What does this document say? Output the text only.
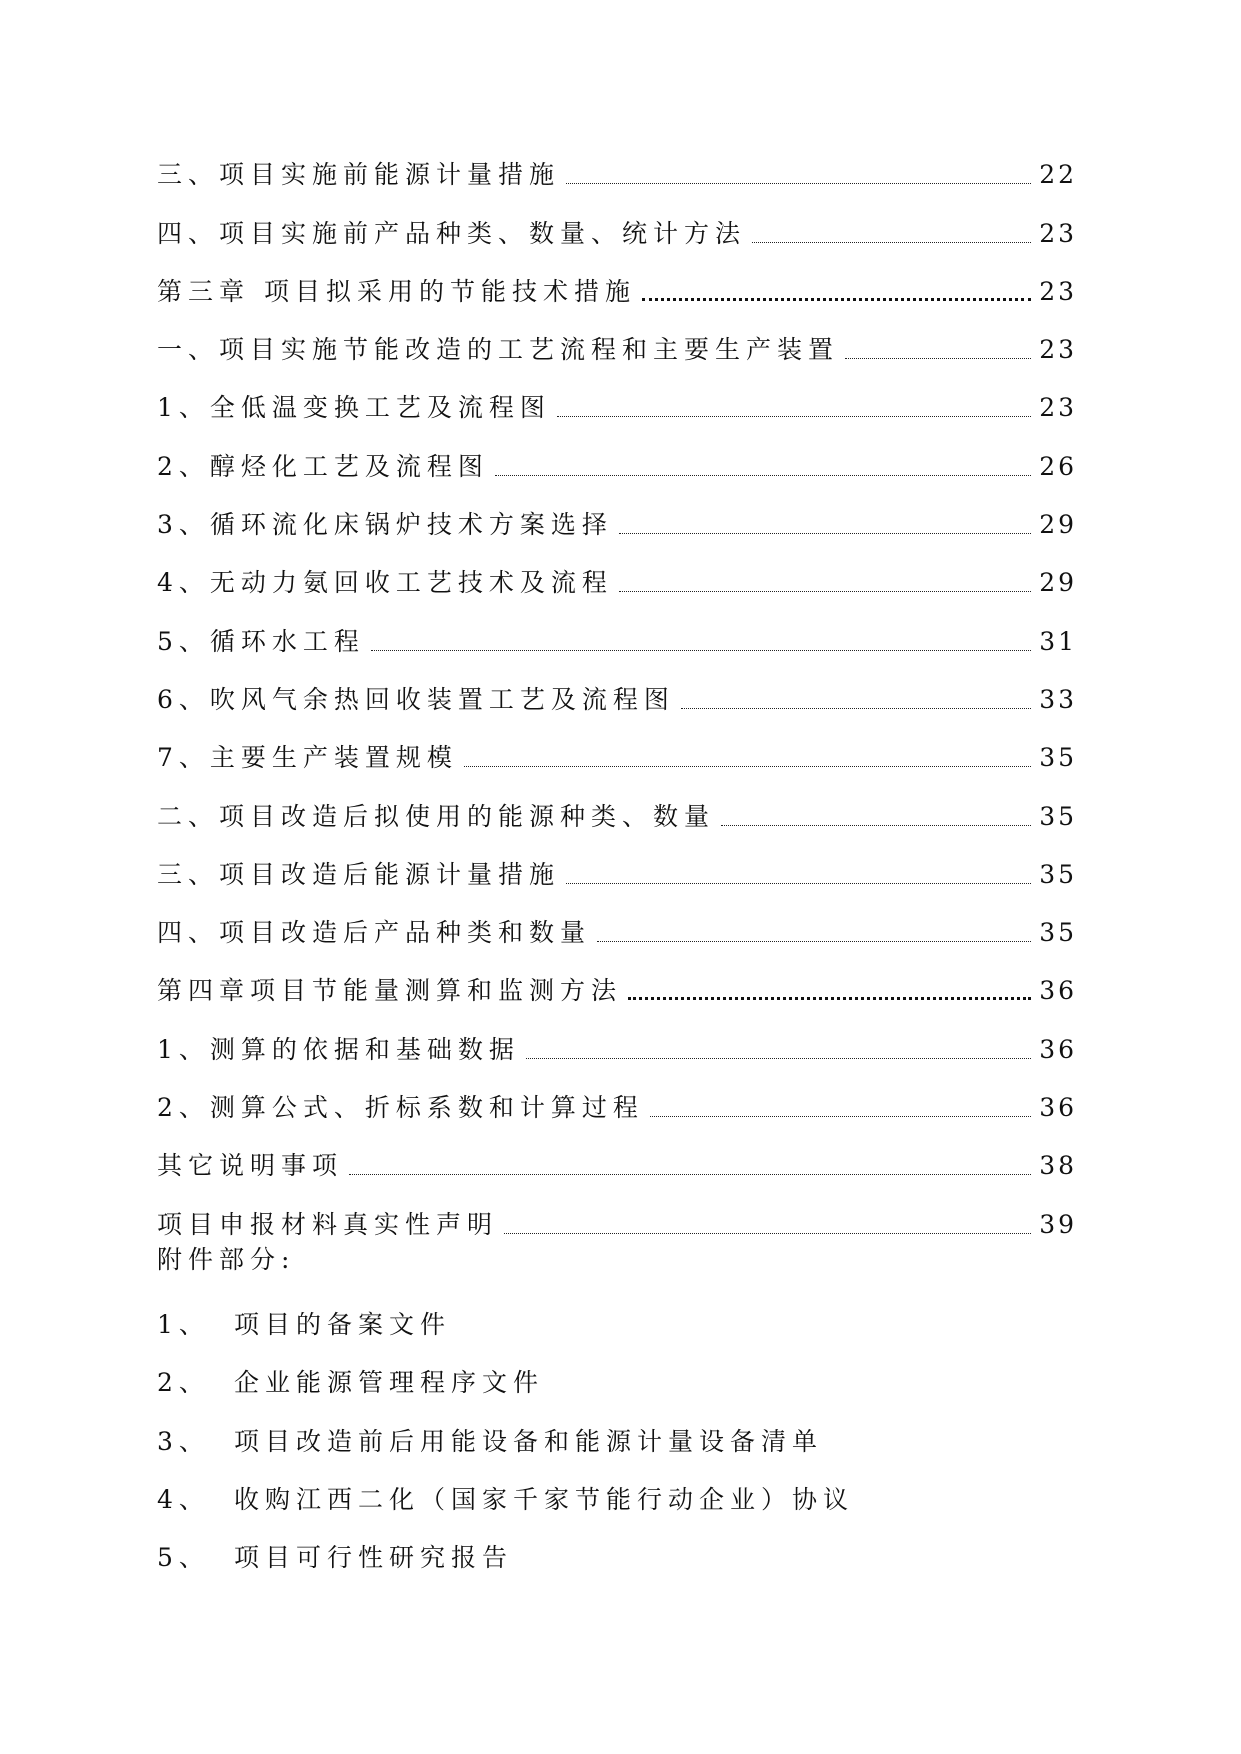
三、项目实施前能源计量措施	22
四、项目实施前产品种类、数量、统计方法	23
第三章 项目拟采用的节能技术措施	23
一、项目实施节能改造的工艺流程和主要生产装置	23
1、全低温变换工艺及流程图	23
2、醇烃化工艺及流程图	26
3、循环流化床锅炉技术方案选择	29
4、无动力氨回收工艺技术及流程	29
5、循环水工程	31
6、吹风气余热回收装置工艺及流程图	33
7、主要生产装置规模	35
二、项目改造后拟使用的能源种类、数量	35
三、项目改造后能源计量措施	35
四、项目改造后产品种类和数量	35
第四章项目节能量测算和监测方法	36
1、测算的依据和基础数据	36
2、测算公式、折标系数和计算过程	36
其它说明事项	38
项目申报材料真实性声明	39
附件部分:
1、 项目的备案文件
2、 企业能源管理程序文件
3、 项目改造前后用能设备和能源计量设备清单
4、 收购江西二化（国家千家节能行动企业）协议
5、 项目可行性研究报告
